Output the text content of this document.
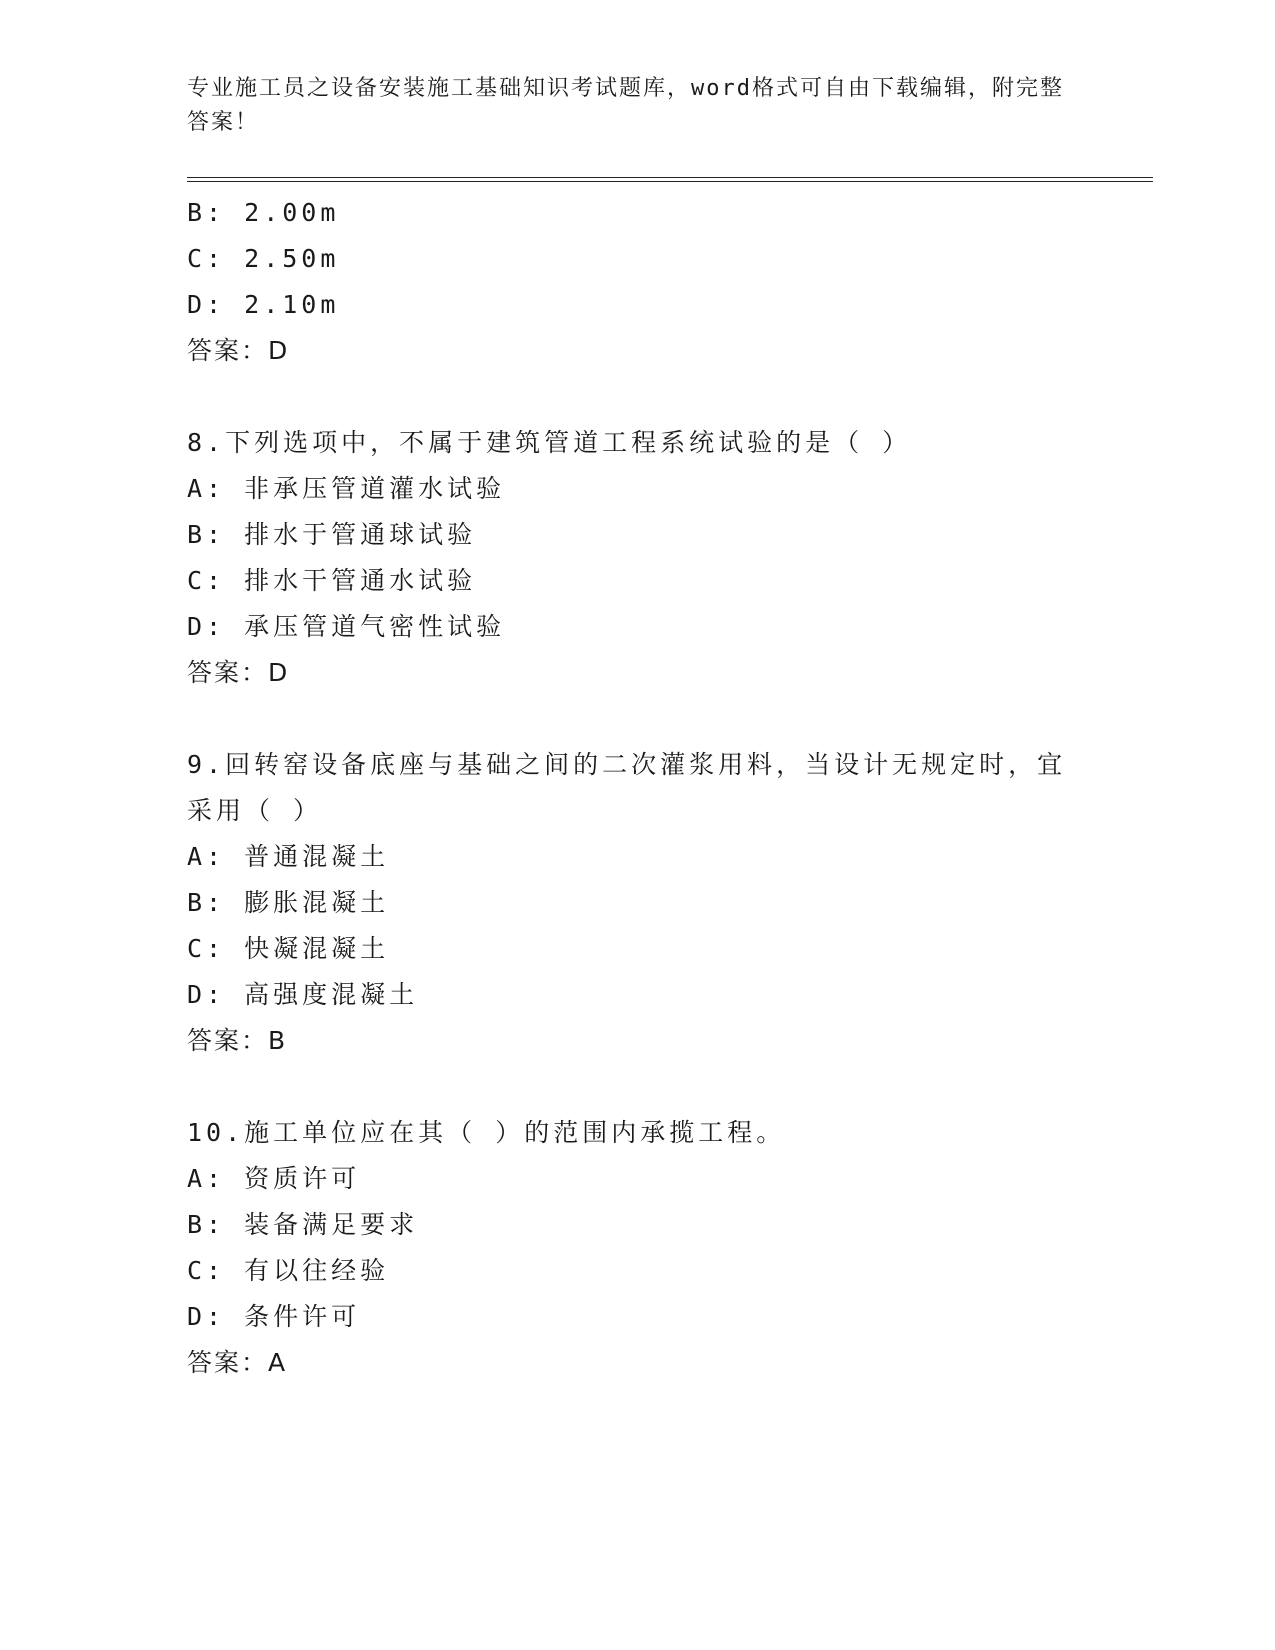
专业施工员之设备安装施工基础知识考试题库，word格式可自由下载编辑，附完整答案！
B: 2.00m
C: 2.50m
D: 2.10m
答案：D
8.下列选项中，不属于建筑管道工程系统试验的是（ ）
A: 非承压管道灌水试验
B: 排水于管通球试验
C: 排水干管通水试验
D: 承压管道气密性试验
答案：D
9.回转窑设备底座与基础之间的二次灌浆用料，当设计无规定时，宜采用（ ）
A: 普通混凝土
B: 膨胀混凝土
C: 快凝混凝土
D: 高强度混凝土
答案：B
10.施工单位应在其（ ）的范围内承揽工程。
A: 资质许可
B: 装备满足要求
C: 有以往经验
D: 条件许可
答案：A
